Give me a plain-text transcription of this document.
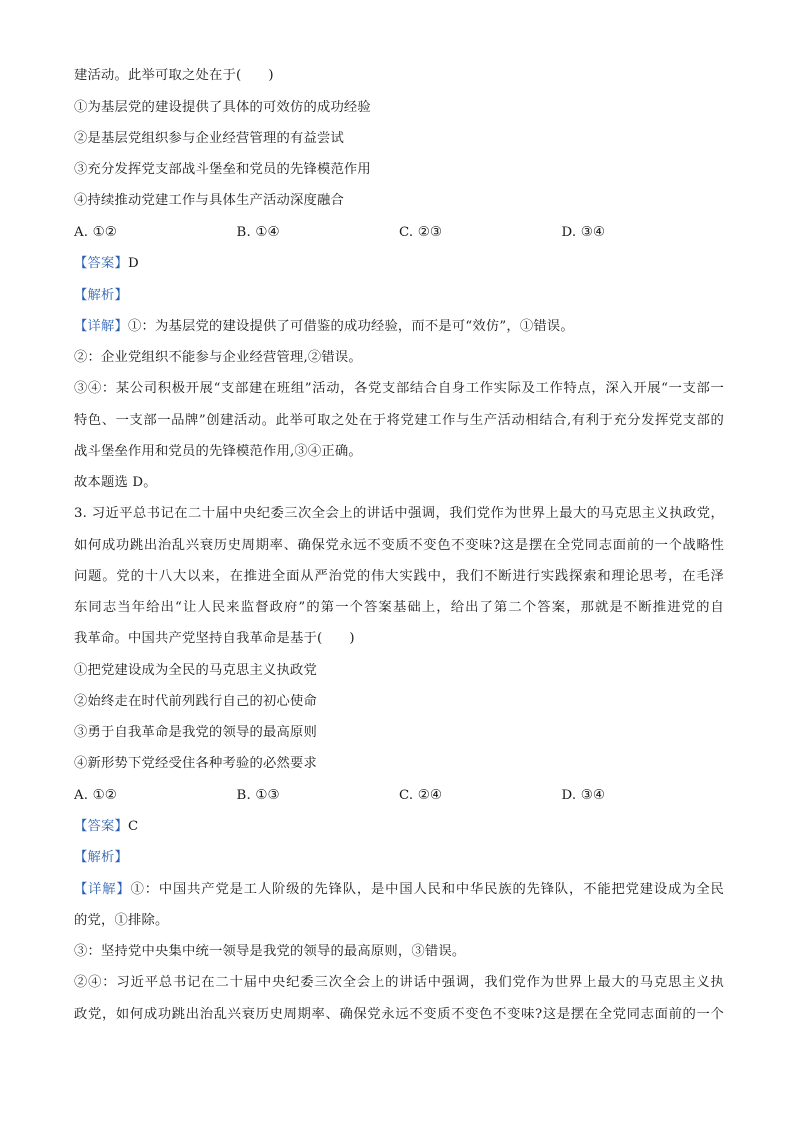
建活动。此举可取之处在于(　　)
①为基层党的建设提供了具体的可效仿的成功经验
②是基层党组织参与企业经营管理的有益尝试
③充分发挥党支部战斗堡垒和党员的先锋模范作用
④持续推动党建工作与具体生产活动深度融合
A. ①②	B. ①④	C. ②③	D. ③④
【答案】D
【解析】
【详解】①：为基层党的建设提供了可借鉴的成功经验，而不是可“效仿”，①错误。
②：企业党组织不能参与企业经营管理,②错误。
③④：某公司积极开展“支部建在班组”活动，各党支部结合自身工作实际及工作特点，深入开展“一支部一
特色、一支部一品牌”创建活动。此举可取之处在于将党建工作与生产活动相结合,有利于充分发挥党支部的
战斗堡垒作用和党员的先锋模范作用,③④正确。
故本题选 D。
3. 习近平总书记在二十届中央纪委三次全会上的讲话中强调，我们党作为世界上最大的马克思主义执政党，
如何成功跳出治乱兴衰历史周期率、确保党永远不变质不变色不变味?这是摆在全党同志面前的一个战略性
问题。党的十八大以来，在推进全面从严治党的伟大实践中，我们不断进行实践探索和理论思考，在毛泽
东同志当年给出“让人民来监督政府”的第一个答案基础上，给出了第二个答案，那就是不断推进党的自
我革命。中国共产党坚持自我革命是基于(　　)
①把党建设成为全民的马克思主义执政党
②始终走在时代前列践行自己的初心使命
③勇于自我革命是我党的领导的最高原则
④新形势下党经受住各种考验的必然要求
A. ①②	B. ①③	C. ②④	D. ③④
【答案】C
【解析】
【详解】①：中国共产党是工人阶级的先锋队，是中国人民和中华民族的先锋队，不能把党建设成为全民
的党，①排除。
③：坚持党中央集中统一领导是我党的领导的最高原则，③错误。
②④：习近平总书记在二十届中央纪委三次全会上的讲话中强调，我们党作为世界上最大的马克思主义执
政党，如何成功跳出治乱兴衰历史周期率、确保党永远不变质不变色不变味?这是摆在全党同志面前的一个
